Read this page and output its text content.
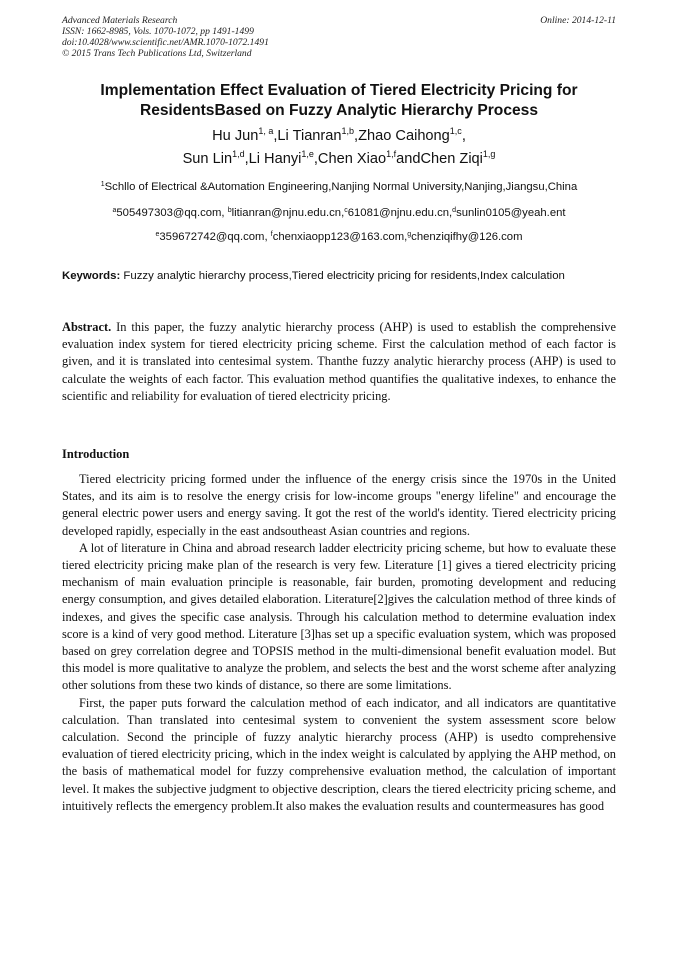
Advanced Materials Research
ISSN: 1662-8985, Vols. 1070-1072, pp 1491-1499
doi:10.4028/www.scientific.net/AMR.1070-1072.1491
© 2015 Trans Tech Publications Ltd, Switzerland
Online: 2014-12-11
Implementation Effect Evaluation of Tiered Electricity Pricing for
ResidentsBased on Fuzzy Analytic Hierarchy Process
Hu Jun$^{1, a}$,Li Tianran$^{1,b}$,Zhao Caihong$^{1,c}$,
Sun Lin$^{1,d}$,Li Hanyi$^{1,e}$,Chen Xiao$^{1,f}$andChen Ziqi$^{1,g}$
$^1$Schllo of Electrical &Automation Engineering,Nanjing Normal University,Nanjing,Jiangsu,China
$^a$505497303@qq.com, $^b$litianran@njnu.edu.cn,$^c$61081@njnu.edu.cn,$^d$sunlin0105@yeah.ent
$^e$359672742@qq.com, $^f$chenxiaopp123@163.com,$^g$chenziqifhy@126.com
Keywords: Fuzzy analytic hierarchy process,Tiered electricity pricing for residents,Index calculation
Abstract. In this paper, the fuzzy analytic hierarchy process (AHP) is used to establish the comprehensive evaluation index system for tiered electricity pricing scheme. First the calculation method of each factor is given, and it is translated into centesimal system. Thanthe fuzzy analytic hierarchy process (AHP) is used to calculate the weights of each factor. This evaluation method quantifies the qualitative indexes, to enhance the scientific and reliability for evaluation of tiered electricity pricing.
Introduction

Tiered electricity pricing formed under the influence of the energy crisis since the 1970s in the United States, and its aim is to resolve the energy crisis for low-income groups "energy lifeline" and encourage the general electric power users and energy saving. It got the rest of the world's identity. Tiered electricity pricing developed rapidly, especially in the east andsoutheast Asian countries and regions.

A lot of literature in China and abroad research ladder electricity pricing scheme, but how to evaluate these tiered electricity pricing make plan of the research is very few. Literature [1] gives a tiered electricity pricing mechanism of main evaluation principle is reasonable, fair burden, promoting development and reducing energy consumption, and gives detailed elaboration. Literature[2]gives the calculation method of three kinds of indexes, and gives the specific case analysis. Through his calculation method to determine evaluation index score is a kind of very good method. Literature [3]has set up a specific evaluation system, which was proposed based on grey correlation degree and TOPSIS method in the multi-dimensional benefit evaluation model. But this model is more qualitative to analyze the problem, and selects the best and the worst scheme after analyzing other solutions from these two kinds of distance, so there are some limitations.

First, the paper puts forward the calculation method of each indicator, and all indicators are quantitative calculation. Than translated into centesimal system to convenient the system assessment score below calculation. Second the principle of fuzzy analytic hierarchy process (AHP) is usedto comprehensive evaluation of tiered electricity pricing, which in the index weight is calculated by applying the AHP method, on the basis of mathematical model for fuzzy comprehensive evaluation method, the calculation of important level. It makes the subjective judgment to objective description, clears the tiered electricity pricing scheme, and intuitively reflects the emergency problem.It also makes the evaluation results and countermeasures has good
